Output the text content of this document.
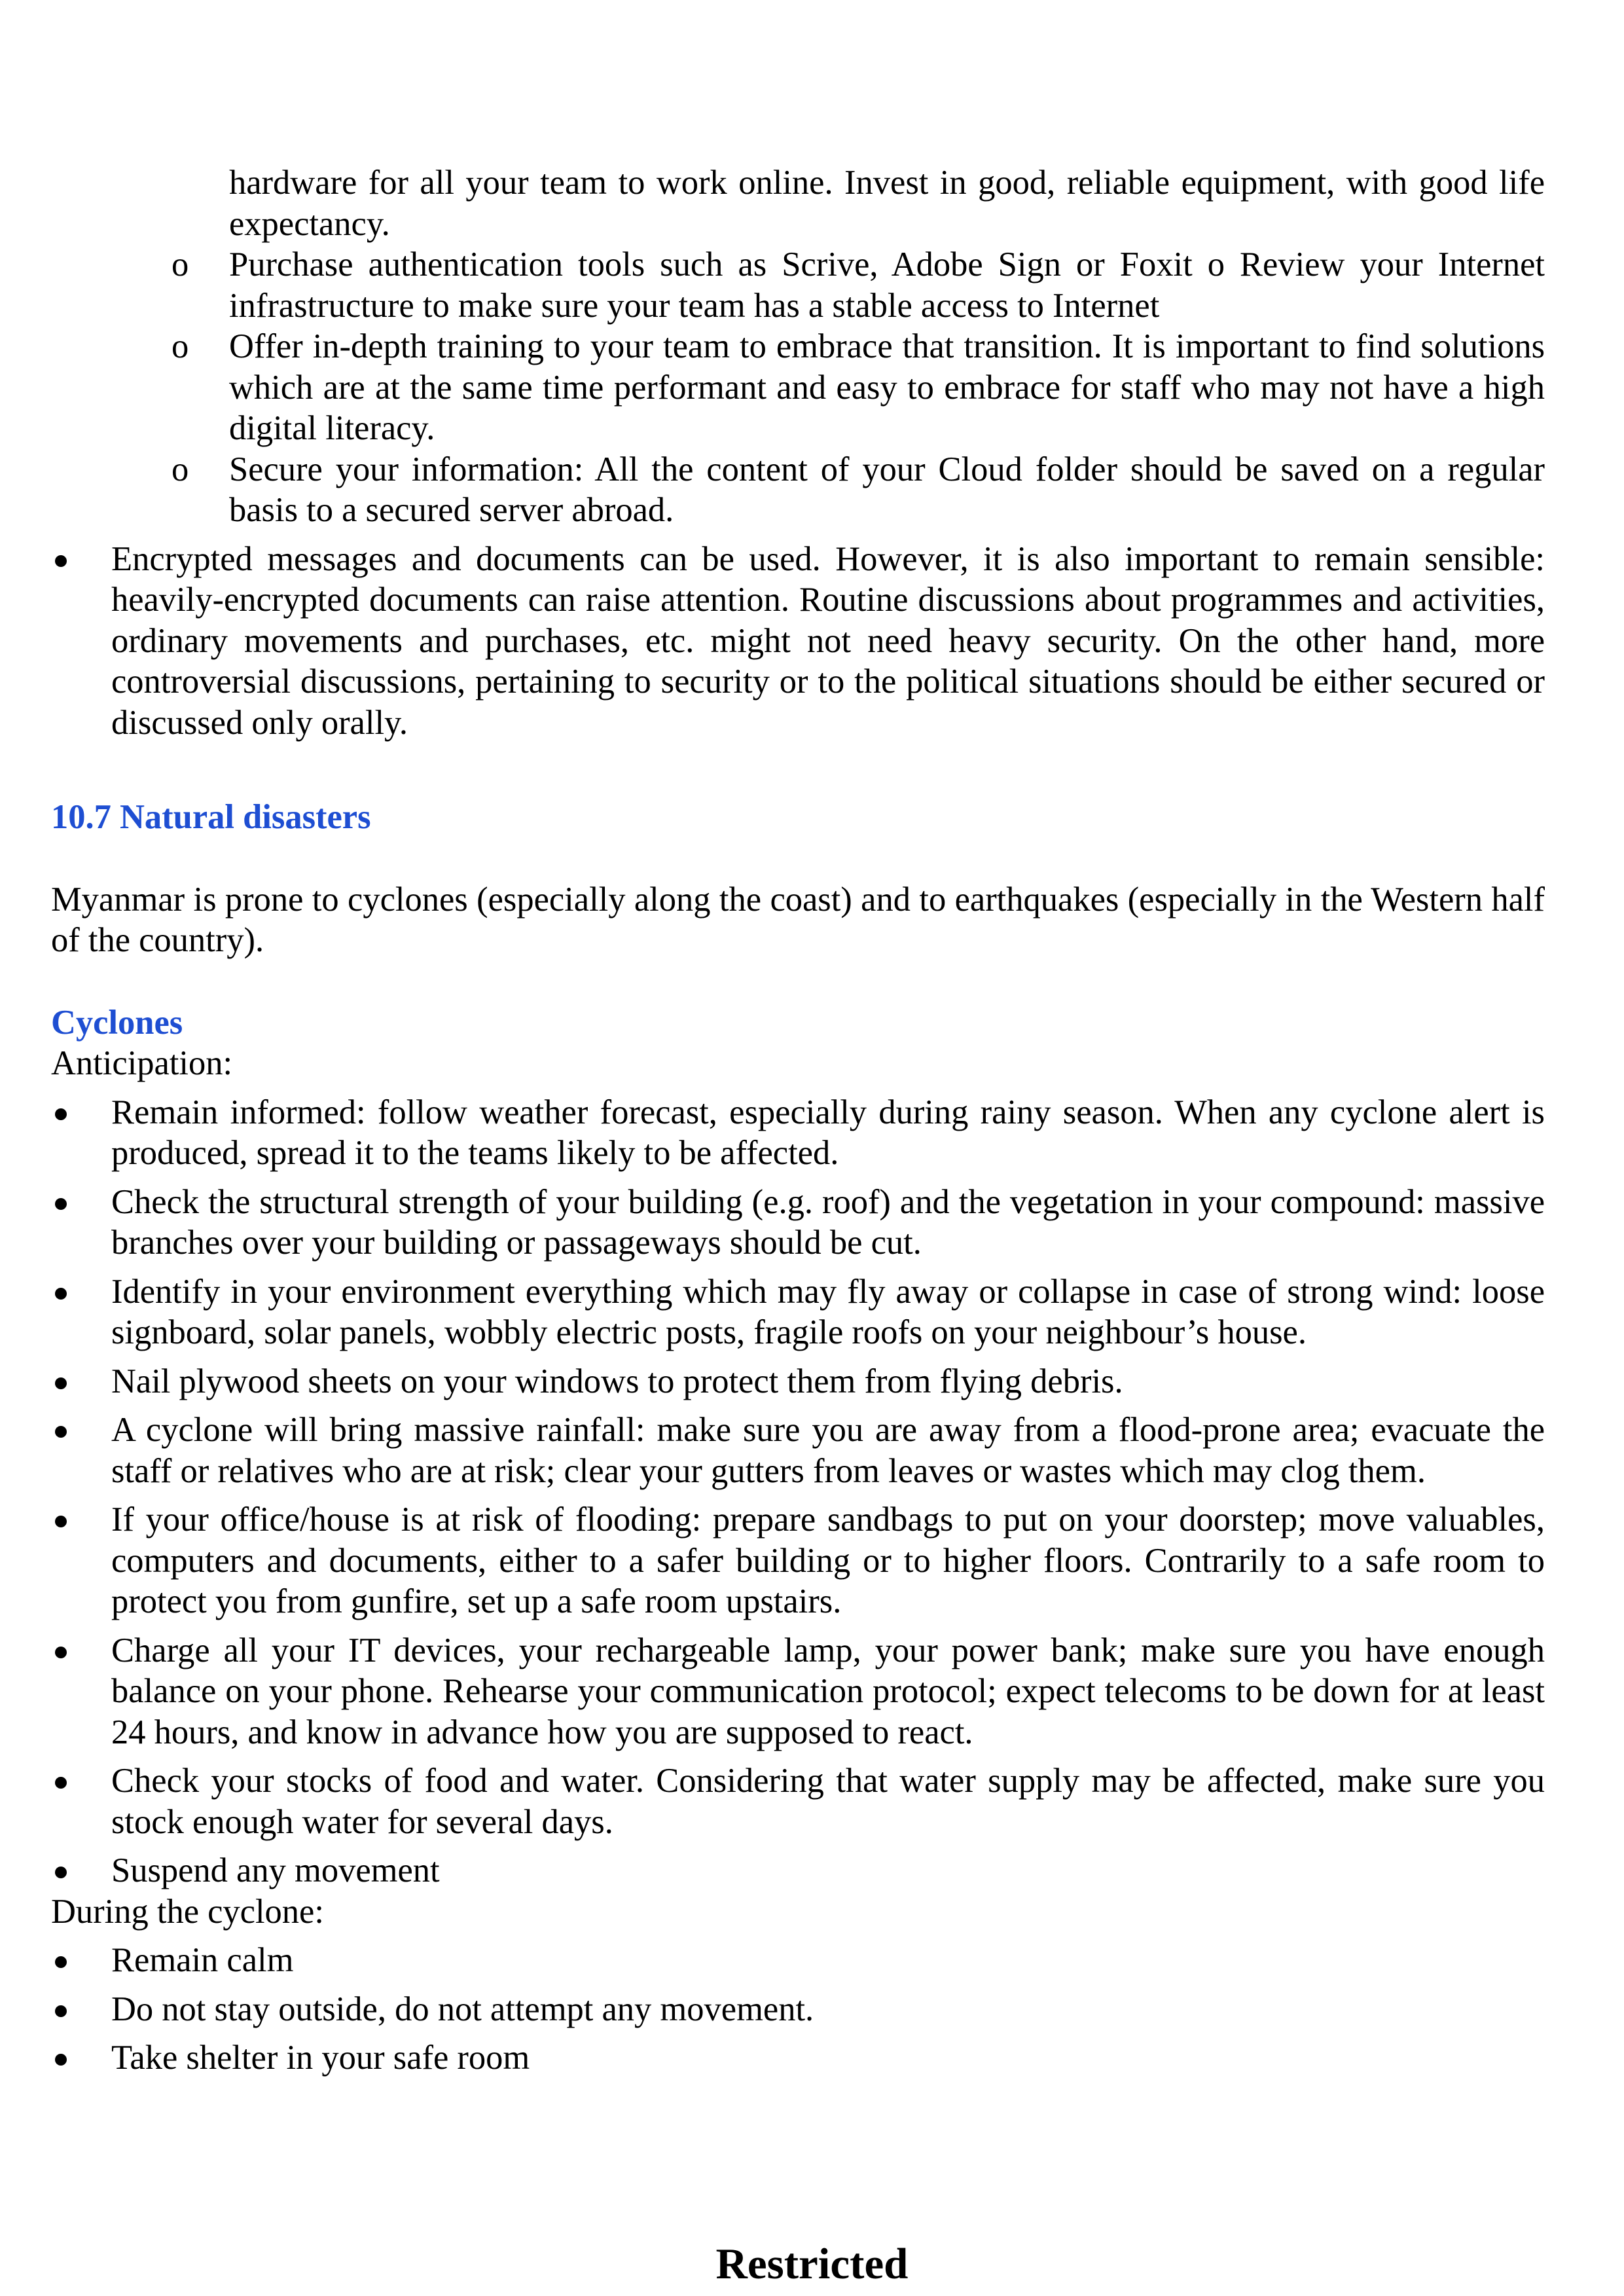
hardware for all your team to work online. Invest in good, reliable equipment, with good life expectancy.
o Purchase authentication tools such as Scrive, Adobe Sign or Foxit o Review your Internet infrastructure to make sure your team has a stable access to Internet
o Offer in-depth training to your team to embrace that transition. It is important to find solutions which are at the same time performant and easy to embrace for staff who may not have a high digital literacy.
o Secure your information: All the content of your Cloud folder should be saved on a regular basis to a secured server abroad.
Encrypted messages and documents can be used. However, it is also important to remain sensible: heavily-encrypted documents can raise attention. Routine discussions about programmes and activities, ordinary movements and purchases, etc. might not need heavy security. On the other hand, more controversial discussions, pertaining to security or to the political situations should be either secured or discussed only orally.
10.7 Natural disasters
Myanmar is prone to cyclones (especially along the coast) and to earthquakes (especially in the Western half of the country).
Cyclones
Anticipation:
Remain informed: follow weather forecast, especially during rainy season. When any cyclone alert is produced, spread it to the teams likely to be affected.
Check the structural strength of your building (e.g. roof) and the vegetation in your compound: massive branches over your building or passageways should be cut.
Identify in your environment everything which may fly away or collapse in case of strong wind: loose signboard, solar panels, wobbly electric posts, fragile roofs on your neighbour’s house.
Nail plywood sheets on your windows to protect them from flying debris.
A cyclone will bring massive rainfall: make sure you are away from a flood-prone area; evacuate the staff or relatives who are at risk; clear your gutters from leaves or wastes which may clog them.
If your office/house is at risk of flooding: prepare sandbags to put on your doorstep; move valuables, computers and documents, either to a safer building or to higher floors. Contrarily to a safe room to protect you from gunfire, set up a safe room upstairs.
Charge all your IT devices, your rechargeable lamp, your power bank; make sure you have enough balance on your phone. Rehearse your communication protocol; expect telecoms to be down for at least 24 hours, and know in advance how you are supposed to react.
Check your stocks of food and water. Considering that water supply may be affected, make sure you stock enough water for several days.
Suspend any movement
During the cyclone:
Remain calm
Do not stay outside, do not attempt any movement.
Take shelter in your safe room
Restricted
